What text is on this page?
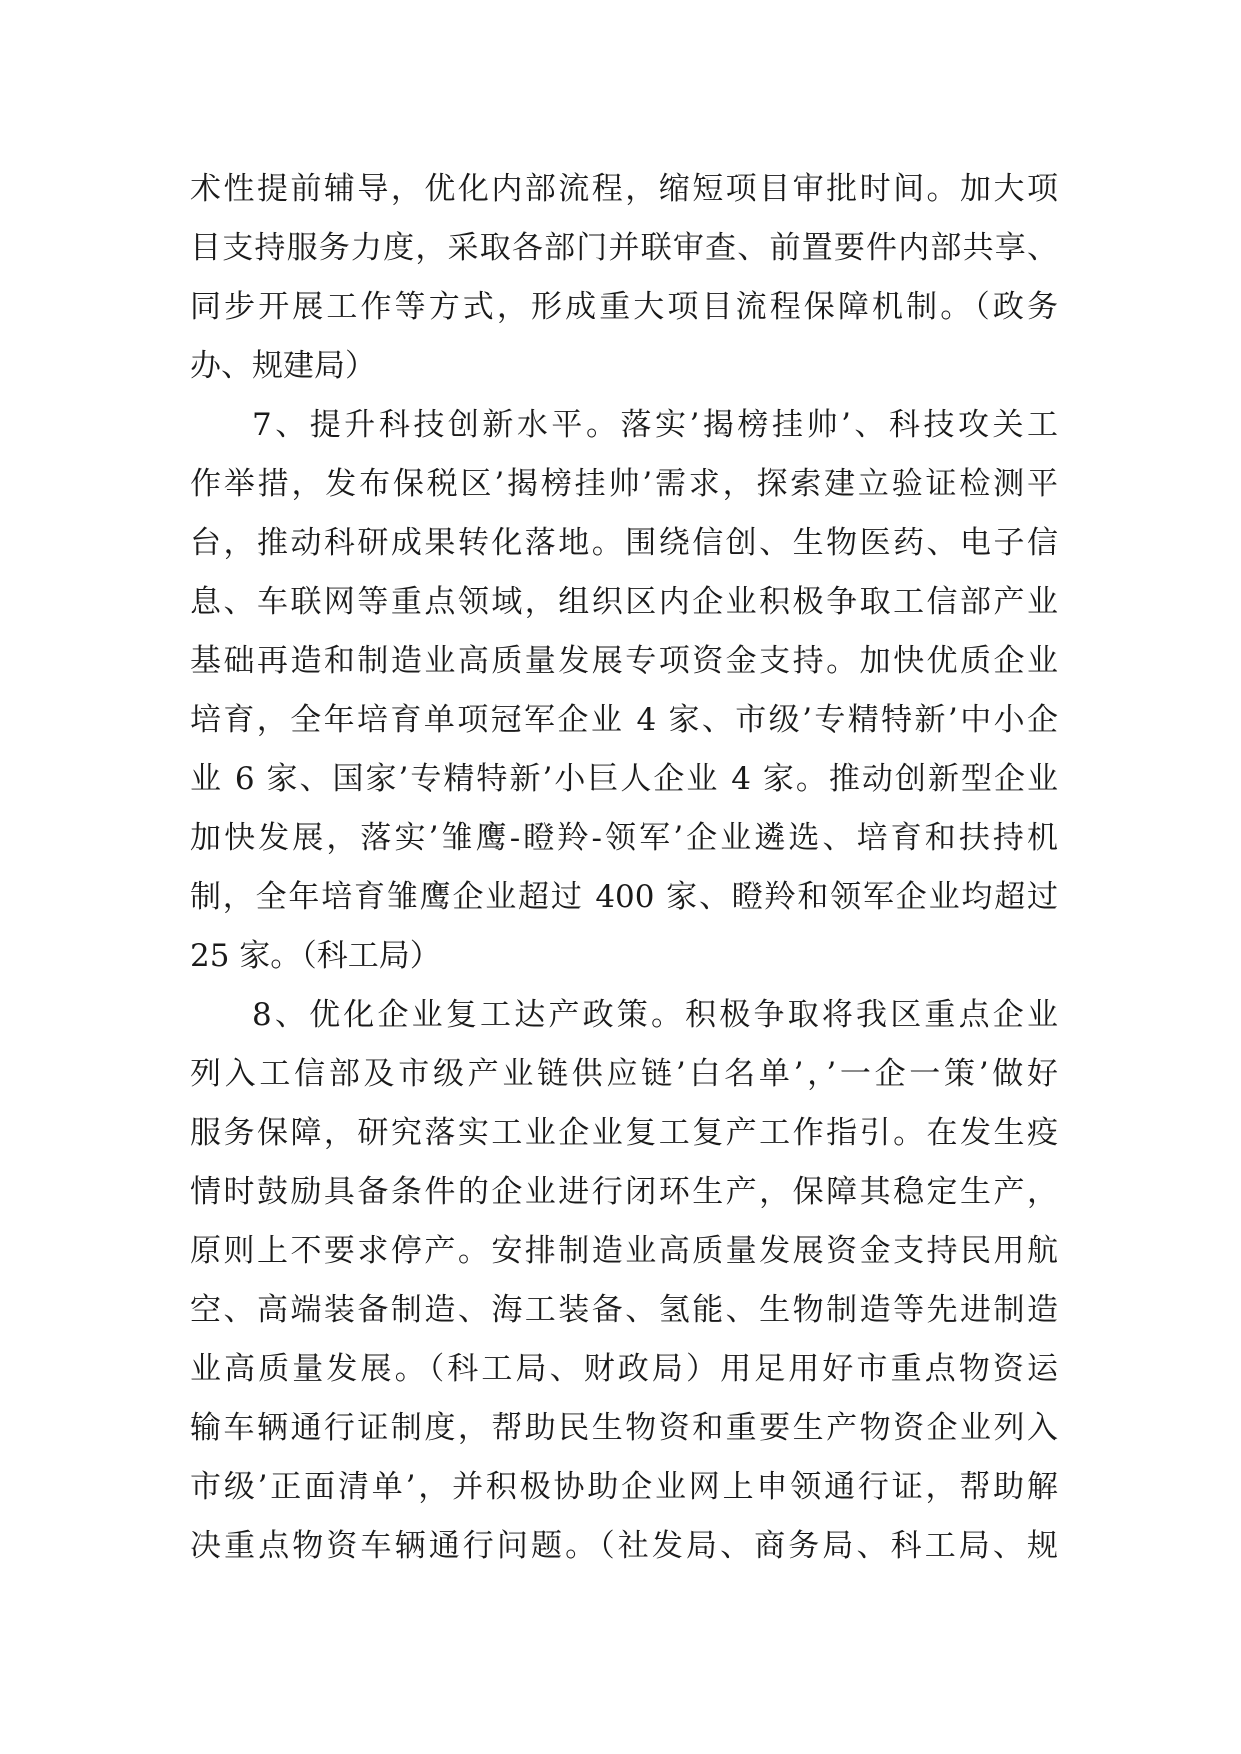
术性提前辅导，优化内部流程，缩短项目审批时间。加大项
目支持服务力度，采取各部门并联审查、前置要件内部共享、
同步开展工作等方式，形成重大项目流程保障机制。（政务
办、规建局）
7、提升科技创新水平。落实’揭榜挂帅’、科技攻关工
作举措，发布保税区’揭榜挂帅’需求，探索建立验证检测平
台，推动科研成果转化落地。围绕信创、生物医药、电子信
息、车联网等重点领域，组织区内企业积极争取工信部产业
基础再造和制造业高质量发展专项资金支持。加快优质企业
培育，全年培育单项冠军企业 4 家、市级’专精特新’中小企
业 6 家、国家’专精特新’小巨人企业 4 家。推动创新型企业
加快发展，落实’雏鹰-瞪羚-领军’企业遴选、培育和扶持机
制，全年培育雏鹰企业超过 400 家、瞪羚和领军企业均超过
25 家。（科工局）
8、优化企业复工达产政策。积极争取将我区重点企业
列入工信部及市级产业链供应链’白名单’，’一企一策’做好
服务保障，研究落实工业企业复工复产工作指引。在发生疫
情时鼓励具备条件的企业进行闭环生产，保障其稳定生产，
原则上不要求停产。安排制造业高质量发展资金支持民用航
空、高端装备制造、海工装备、氢能、生物制造等先进制造
业高质量发展。（科工局、财政局）用足用好市重点物资运
输车辆通行证制度，帮助民生物资和重要生产物资企业列入
市级’正面清单’，并积极协助企业网上申领通行证，帮助解
决重点物资车辆通行问题。（社发局、商务局、科工局、规
